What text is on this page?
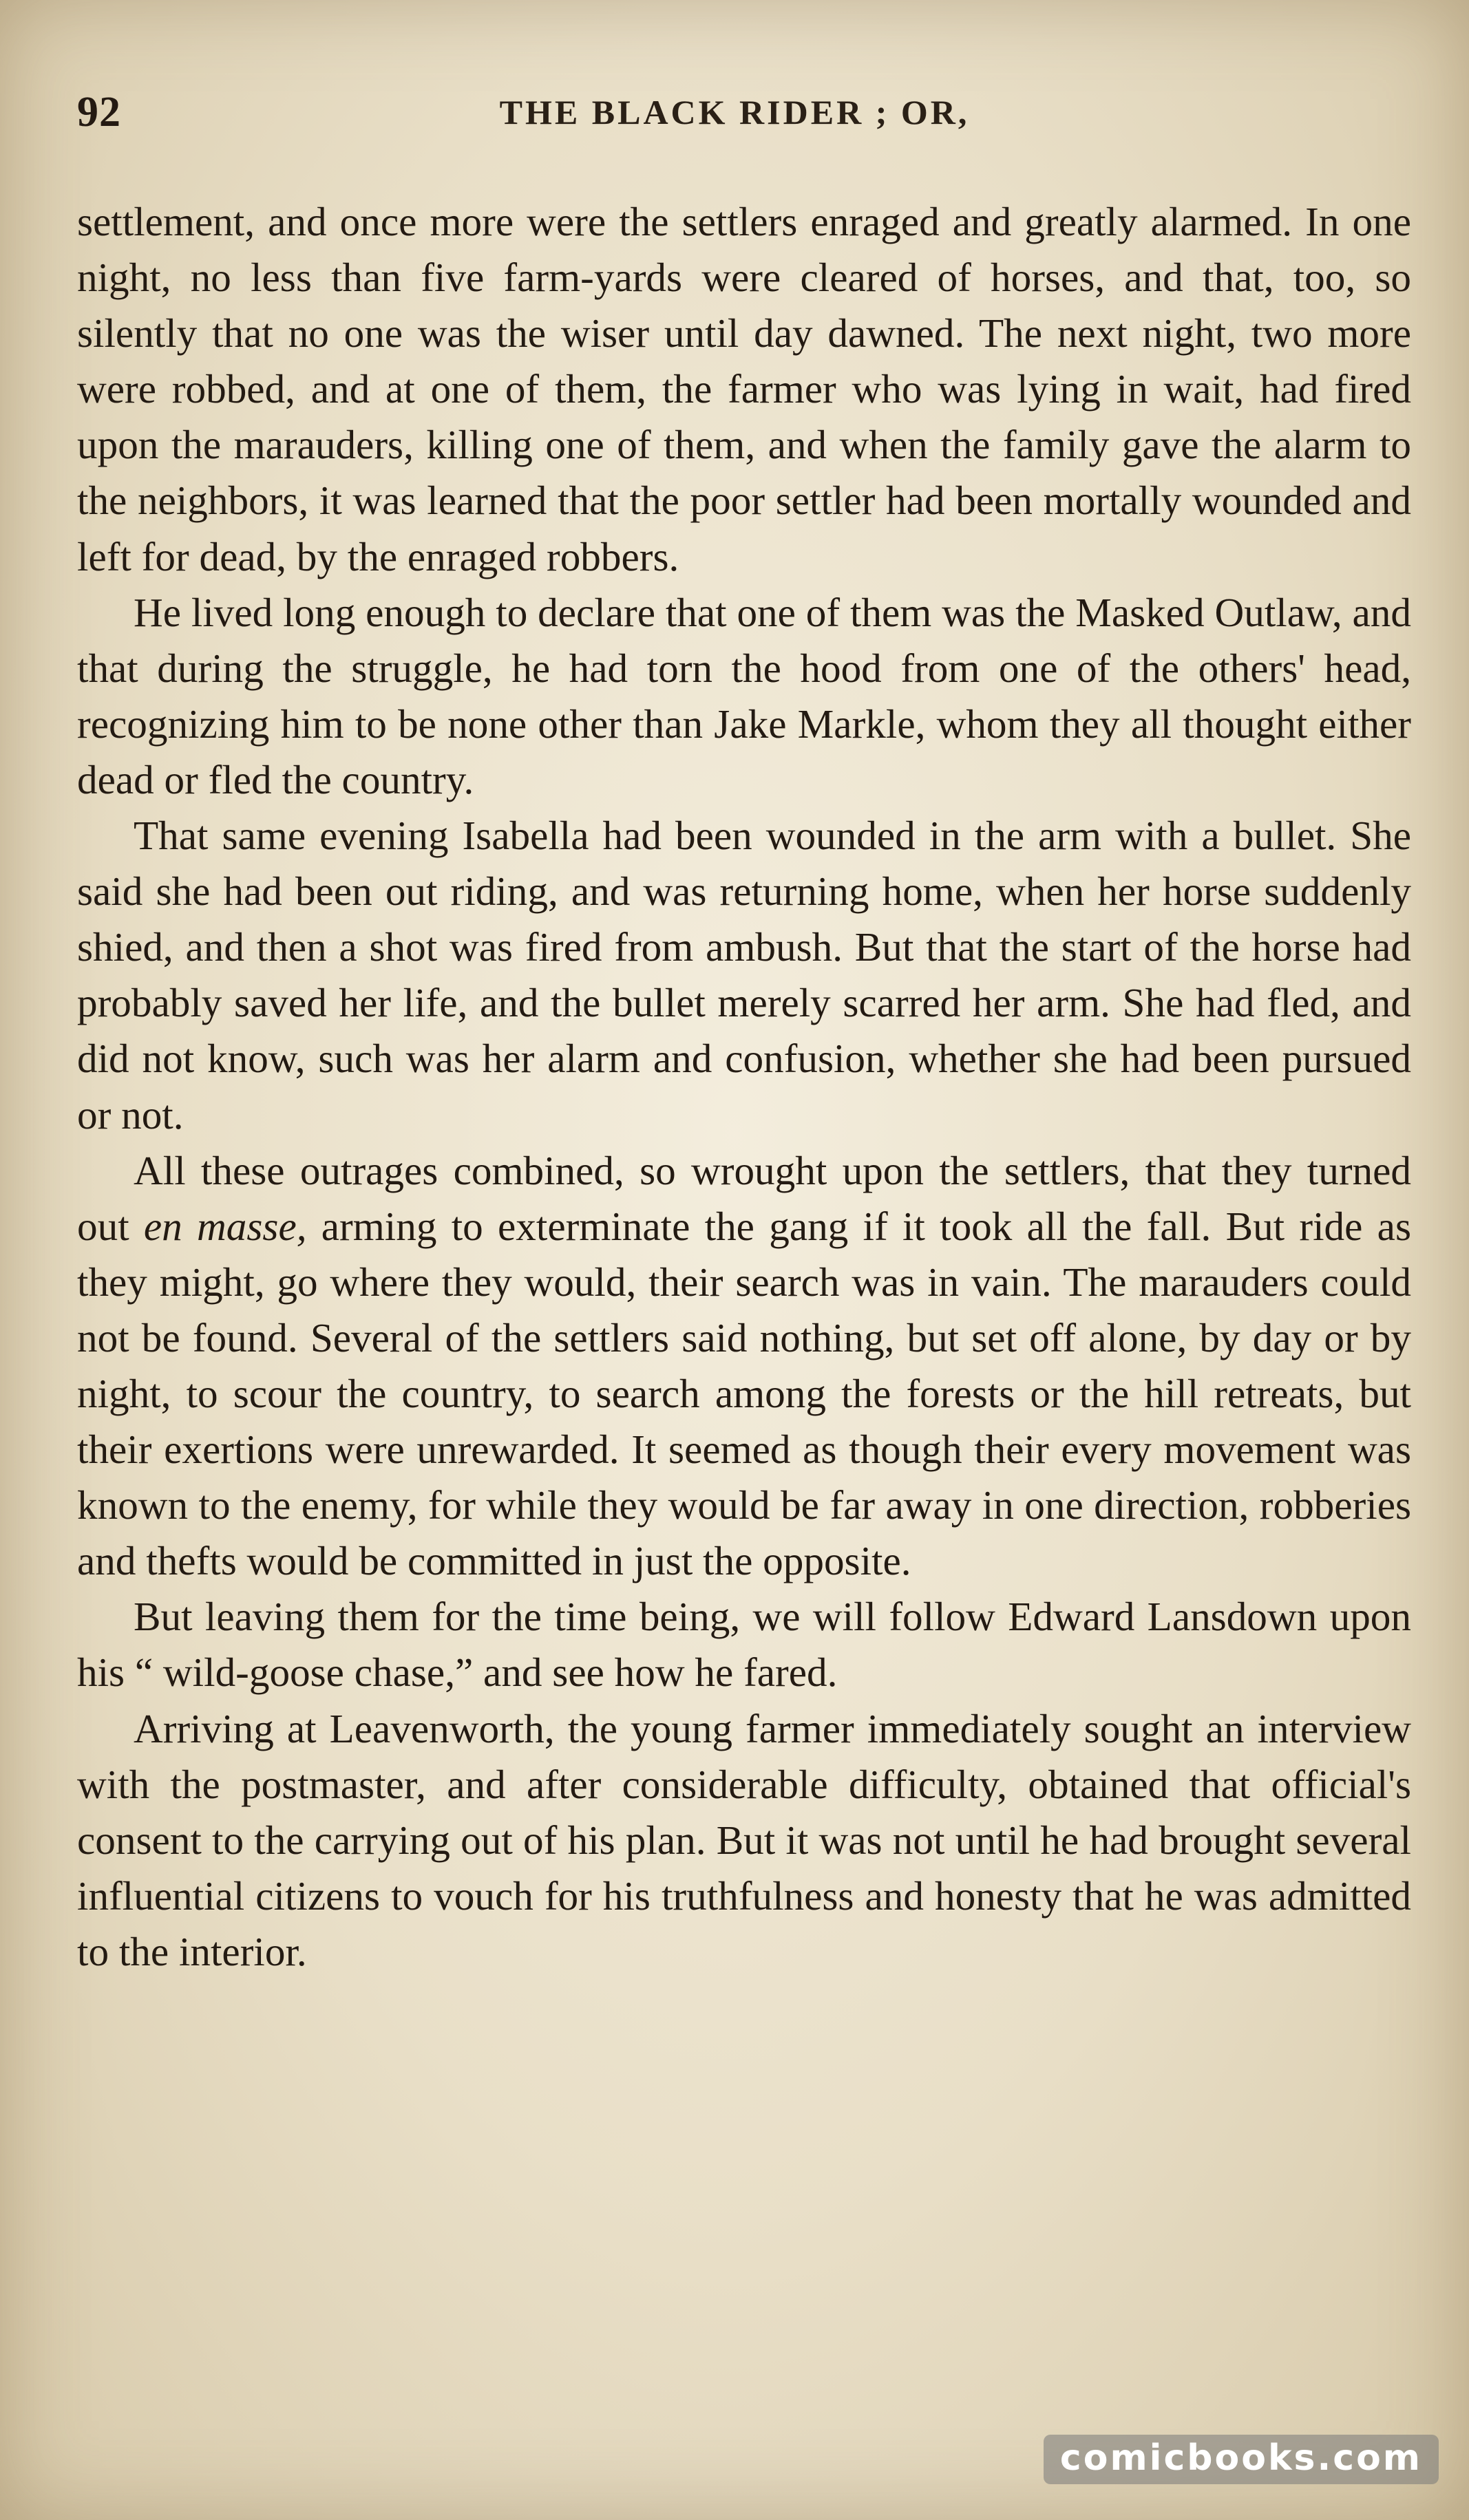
92	THE BLACK RIDER ; OR,

settlement, and once more were the settlers enraged and greatly alarmed. In one night, no less than five farm-yards were cleared of horses, and that, too, so silently that no one was the wiser until day dawned. The next night, two more were robbed, and at one of them, the farmer who was lying in wait, had fired upon the marauders, killing one of them, and when the family gave the alarm to the neighbors, it was learned that the poor settler had been mortally wounded and left for dead, by the enraged robbers.

He lived long enough to declare that one of them was the Masked Outlaw, and that during the struggle, he had torn the hood from one of the others' head, recognizing him to be none other than Jake Markle, whom they all thought either dead or fled the country.

That same evening Isabella had been wounded in the arm with a bullet. She said she had been out riding, and was returning home, when her horse suddenly shied, and then a shot was fired from ambush. But that the start of the horse had probably saved her life, and the bullet merely scarred her arm. She had fled, and did not know, such was her alarm and confusion, whether she had been pursued or not.

All these outrages combined, so wrought upon the settlers, that they turned out en masse, arming to exterminate the gang if it took all the fall. But ride as they might, go where they would, their search was in vain. The marauders could not be found. Several of the settlers said nothing, but set off alone, by day or by night, to scour the country, to search among the forests or the hill retreats, but their exertions were unrewarded. It seemed as though their every movement was known to the enemy, for while they would be far away in one direction, robberies and thefts would be committed in just the opposite.

But leaving them for the time being, we will follow Edward Lansdown upon his “ wild-goose chase,” and see how he fared.

Arriving at Leavenworth, the young farmer immediately sought an interview with the postmaster, and after considerable difficulty, obtained that official's consent to the carrying out of his plan. But it was not until he had brought several influential citizens to vouch for his truthfulness and honesty that he was admitted to the interior.

comicbooks.com
